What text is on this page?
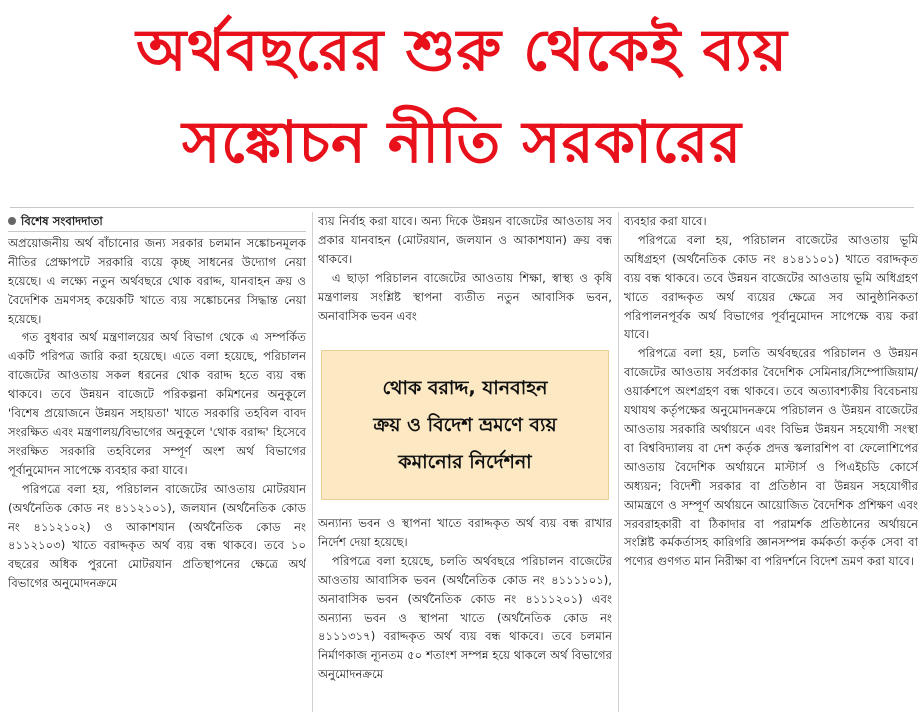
অর্থবছরের শুরু থেকেই ব্যয়
সঙ্কোচন নীতি সরকারের
বিশেষ সংবাদদাতা

অপ্রয়োজনীয় অর্থ বাঁচানোর জন্য সরকার চলমান সঙ্কোচনমূলক নীতির প্রেক্ষাপটে সরকারি ব্যয়ে কৃচ্ছ সাধনের উদ্যোগ নেয়া হয়েছে। এ লক্ষ্যে নতুন অর্থবছরে থোক বরাদ্দ, যানবাহন ক্রয় ও বৈদেশিক ভ্রমণসহ কয়েকটি খাতে ব্যয় সঙ্কোচনের সিদ্ধান্ত নেয়া হয়েছে।

গত বুধবার অর্থ মন্ত্রণালয়ের অর্থ বিভাগ থেকে এ সম্পর্কিত একটি পরিপত্র জারি করা হয়েছে। এতে বলা হয়েছে, পরিচালন বাজেটের আওতায় সকল ধরনের থোক বরাদ্দ হতে ব্যয় বন্ধ থাকবে। তবে উন্নয়ন বাজেটে পরিকল্পনা কমিশনের অনুকূলে 'বিশেষ প্রয়োজনে উন্নয়ন সহায়তা' খাতে সরকারি তহবিল বাবদ সংরক্ষিত এবং মন্ত্রণালয়/বিভাগের অনুকূলে 'থোক বরাদ্দ' হিসেবে সংরক্ষিত সরকারি তহবিলের সম্পূর্ণ অংশ অর্থ বিভাগের পূর্বানুমোদন সাপেক্ষে ব্যবহার করা যাবে।

পরিপত্রে বলা হয়, পরিচালন বাজেটের আওতায় মোটরযান (অর্থনৈতিক কোড নং ৪১১২১০১), জলযান (অর্থনৈতিক কোড নং ৪১১২১০২) ও আকাশযান (অর্থনৈতিক কোড নং ৪১১২১০৩) খাতে বরাদ্দকৃত অর্থ ব্যয় বন্ধ থাকবে। তবে ১০ বছরের অধিক পুরনো মোটরযান প্রতিস্থাপনের ক্ষেত্রে অর্থ বিভাগের অনুমোদনক্রমে

ব্যয় নির্বাহ করা যাবে। অন্য দিকে উন্নয়ন বাজেটের আওতায় সব প্রকার যানবাহন (মোটরযান, জলযান ও আকাশযান) ক্রয় বন্ধ থাকবে।

এ ছাড়া পরিচালন বাজেটের আওতায় শিক্ষা, স্বাস্থ্য ও কৃষি মন্ত্রণালয় সংশ্লিষ্ট স্থাপনা ব্যতীত নতুন আবাসিক ভবন, অনাবাসিক ভবন এবং

থোক বরাদ্দ, যানবাহন
ক্রয় ও বিদেশ ভ্রমণে ব্যয়
কমানোর নির্দেশনা

অন্যান্য ভবন ও স্থাপনা খাতে বরাদ্দকৃত অর্থ ব্যয় বন্ধ রাখার নির্দেশ দেয়া হয়েছে।

পরিপত্রে বলা হয়েছে, চলতি অর্থবছরে পরিচালন বাজেটের আওতায় আবাসিক ভবন (অর্থনৈতিক কোড নং ৪১১১১০১), অনাবাসিক ভবন (অর্থনৈতিক কোড নং ৪১১১২০১) এবং অন্যান্য ভবন ও স্থাপনা খাতে (অর্থনৈতিক কোড নং ৪১১১৩১৭) বরাদ্দকৃত অর্থ ব্যয় বন্ধ থাকবে। তবে চলমান নির্মাণকাজ ন্যূনতম ৫০ শতাংশ সম্পন্ন হয়ে থাকলে অর্থ বিভাগের অনুমোদনক্রমে

ব্যবহার করা যাবে।

পরিপত্রে বলা হয়, পরিচালন বাজেটের আওতায় ভূমি অধিগ্রহণ (অর্থনৈতিক কোড নং ৪১৪১১০১) খাতে বরাদ্দকৃত ব্যয় বন্ধ থাকবে। তবে উন্নয়ন বাজেটের আওতায় ভূমি অধিগ্রহণ খাতে বরাদ্দকৃত অর্থ ব্যয়ের ক্ষেত্রে সব আনুষ্ঠানিকতা পরিপালনপূর্বক অর্থ বিভাগের পূর্বানুমোদন সাপেক্ষে ব্যয় করা যাবে।

পরিপত্রে বলা হয়, চলতি অর্থবছরের পরিচালন ও উন্নয়ন বাজেটের আওতায় সর্বপ্রকার বৈদেশিক সেমিনার/সিম্পোজিয়াম/ওয়ার্কশপে অংশগ্রহণ বন্ধ থাকবে। তবে অত্যাবশ্যকীয় বিবেচনায় যথাযথ কর্তৃপক্ষের অনুমোদনক্রমে পরিচালন ও উন্নয়ন বাজেটের আওতায় সরকারি অর্থায়নে এবং বিভিন্ন উন্নয়ন সহযোগী সংস্থা বা বিশ্ববিদ্যালয় বা দেশ কর্তৃক প্রদত্ত স্কলারশিপ বা ফেলোশিপের আওতায় বৈদেশিক অর্থায়নে মাস্টার্স ও পিএইচডি কোর্সে অধ্যয়ন; বিদেশী সরকার বা প্রতিষ্ঠান বা উন্নয়ন সহযোগীর আমন্ত্রণে ও সম্পূর্ণ অর্থায়নে আয়োজিত বৈদেশিক প্রশিক্ষণ এবং সরবরাহকারী বা ঠিকাদার বা পরামর্শক প্রতিষ্ঠানের অর্থায়নে সংশ্লিষ্ট কর্মকর্তাসহ কারিগরি জ্ঞানসম্পন্ন কর্মকর্তা কর্তৃক সেবা বা পণ্যের গুণগত মান নিরীক্ষা বা পরিদর্শনে বিদেশ ভ্রমণ করা যাবে।
